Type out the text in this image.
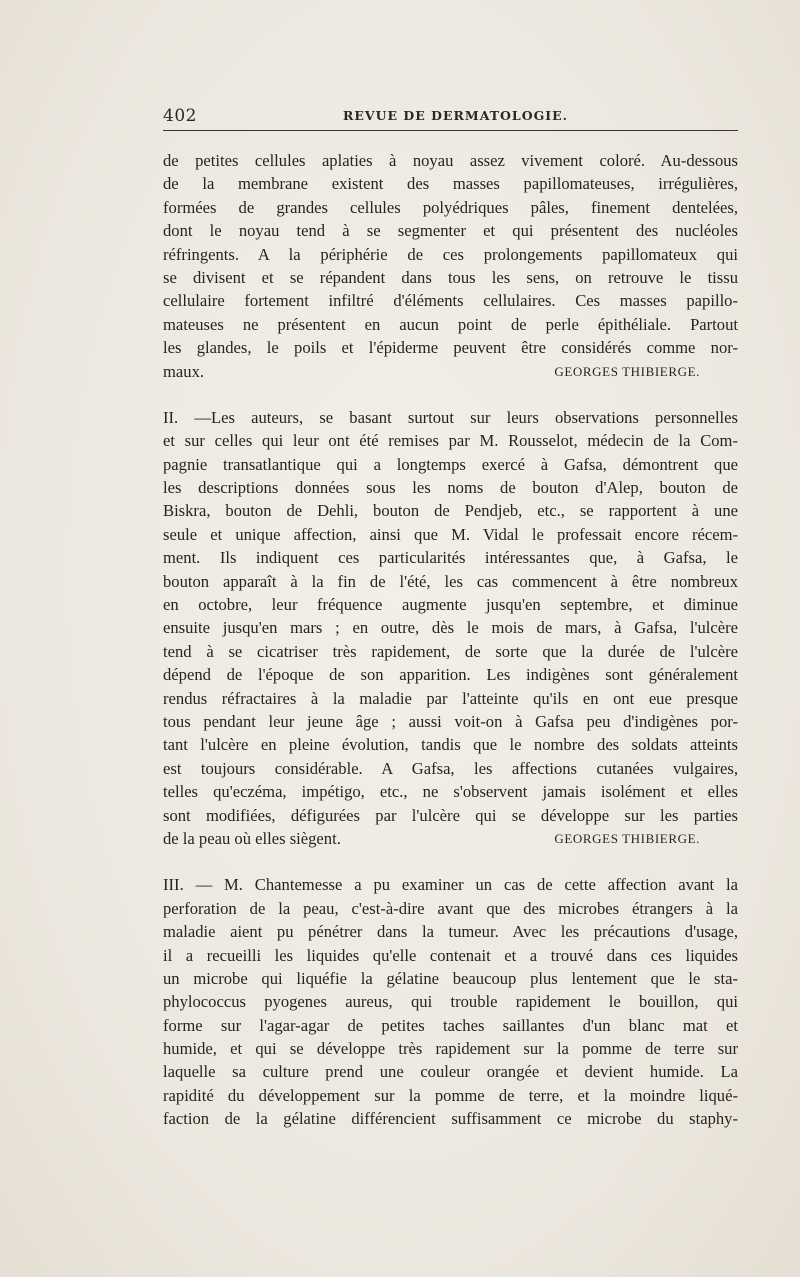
402	REVUE DE DERMATOLOGIE.
de petites cellules aplaties à noyau assez vivement coloré. Au-dessous
de la membrane existent des masses papillomateuses, irrégulières,
formées de grandes cellules polyédriques pâles, finement dentelées,
dont le noyau tend à se segmenter et qui présentent des nucléoles
réfringents. A la périphérie de ces prolongements papillomateux qui
se divisent et se répandent dans tous les sens, on retrouve le tissu
cellulaire fortement infiltré d'éléments cellulaires. Ces masses papillo-
mateuses ne présentent en aucun point de perle épithéliale. Partout
les glandes, le poils et l'épiderme peuvent être considérés comme nor-
maux.	GEORGES THIBIERGE.
II. —Les auteurs, se basant surtout sur leurs observations personnelles
et sur celles qui leur ont été remises par M. Rousselot, médecin de la Com-
pagnie transatlantique qui a longtemps exercé à Gafsa, démontrent que
les descriptions données sous les noms de bouton d'Alep, bouton de
Biskra, bouton de Dehli, bouton de Pendjeb, etc., se rapportent à une
seule et unique affection, ainsi que M. Vidal le professait encore récem-
ment. Ils indiquent ces particularités intéressantes que, à Gafsa, le
bouton apparaît à la fin de l'été, les cas commencent à être nombreux
en octobre, leur fréquence augmente jusqu'en septembre, et diminue
ensuite jusqu'en mars ; en outre, dès le mois de mars, à Gafsa, l'ulcère
tend à se cicatriser très rapidement, de sorte que la durée de l'ulcère
dépend de l'époque de son apparition. Les indigènes sont généralement
rendus réfractaires à la maladie par l'atteinte qu'ils en ont eue presque
tous pendant leur jeune âge ; aussi voit-on à Gafsa peu d'indigènes por-
tant l'ulcère en pleine évolution, tandis que le nombre des soldats atteints
est toujours considérable. A Gafsa, les affections cutanées vulgaires,
telles qu'eczéma, impétigo, etc., ne s'observent jamais isolément et elles
sont modifiées, défigurées par l'ulcère qui se développe sur les parties
de la peau où elles siègent.	GEORGES THIBIERGE.
III. — M. Chantemesse a pu examiner un cas de cette affection avant la
perforation de la peau, c'est-à-dire avant que des microbes étrangers à la
maladie aient pu pénétrer dans la tumeur. Avec les précautions d'usage,
il a recueilli les liquides qu'elle contenait et a trouvé dans ces liquides
un microbe qui liquéfie la gélatine beaucoup plus lentement que le sta-
phylococcus pyogenes aureus, qui trouble rapidement le bouillon, qui
forme sur l'agar-agar de petites taches saillantes d'un blanc mat et
humide, et qui se développe très rapidement sur la pomme de terre sur
laquelle sa culture prend une couleur orangée et devient humide. La
rapidité du développement sur la pomme de terre, et la moindre liqué-
faction de la gélatine différencient suffisamment ce microbe du staphy-
